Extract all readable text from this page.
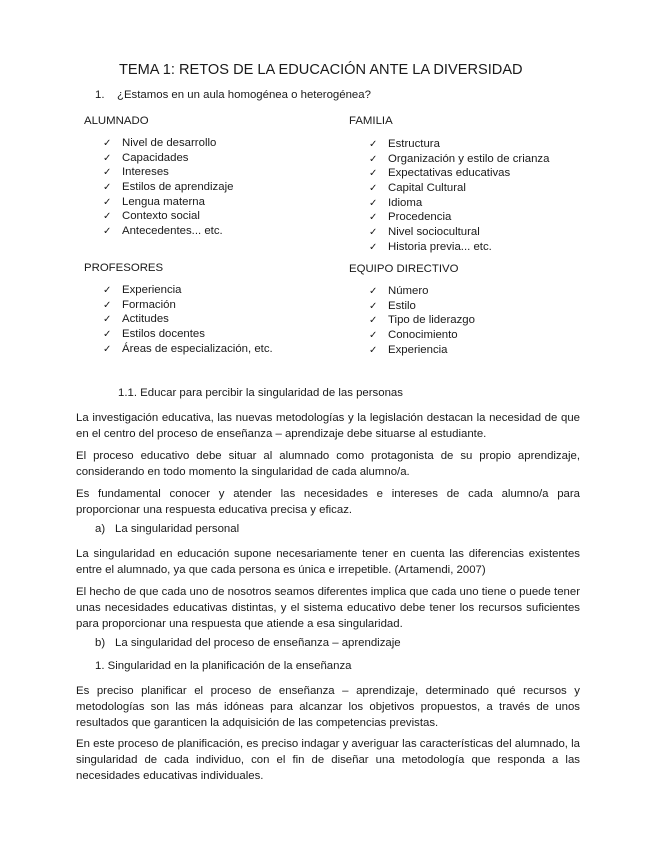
TEMA 1: RETOS DE LA EDUCACIÓN ANTE LA DIVERSIDAD
1. ¿Estamos en un aula homogénea o heterogénea?
ALUMNADO
✓ Nivel de desarrollo
✓ Capacidades
✓ Intereses
✓ Estilos de aprendizaje
✓ Lengua materna
✓ Contexto social
✓ Antecedentes... etc.
FAMILIA
✓ Estructura
✓ Organización y estilo de crianza
✓ Expectativas educativas
✓ Capital Cultural
✓ Idioma
✓ Procedencia
✓ Nivel sociocultural
✓ Historia previa... etc.
PROFESORES
✓ Experiencia
✓ Formación
✓ Actitudes
✓ Estilos docentes
✓ Áreas de especialización, etc.
EQUIPO DIRECTIVO
✓ Número
✓ Estilo
✓ Tipo de liderazgo
✓ Conocimiento
✓ Experiencia
1.1. Educar para percibir la singularidad de las personas
La investigación educativa, las nuevas metodologías y la legislación destacan la necesidad de que en el centro del proceso de enseñanza – aprendizaje debe situarse al estudiante.
El proceso educativo debe situar al alumnado como protagonista de su propio aprendizaje, considerando en todo momento la singularidad de cada alumno/a.
Es fundamental conocer y atender las necesidades e intereses de cada alumno/a para proporcionar una respuesta educativa precisa y eficaz.
a) La singularidad personal
La singularidad en educación supone necesariamente tener en cuenta las diferencias existentes entre el alumnado, ya que cada persona es única e irrepetible. (Artamendi, 2007)
El hecho de que cada uno de nosotros seamos diferentes implica que cada uno tiene o puede tener unas necesidades educativas distintas, y el sistema educativo debe tener los recursos suficientes para proporcionar una respuesta que atiende a esa singularidad.
b) La singularidad del proceso de enseñanza – aprendizaje
1. Singularidad en la planificación de la enseñanza
Es preciso planificar el proceso de enseñanza – aprendizaje, determinado qué recursos y metodologías son las más idóneas para alcanzar los objetivos propuestos, a través de unos resultados que garanticen la adquisición de las competencias previstas.
En este proceso de planificación, es preciso indagar y averiguar las características del alumnado, la singularidad de cada individuo, con el fin de diseñar una metodología que responda a las necesidades educativas individuales.
